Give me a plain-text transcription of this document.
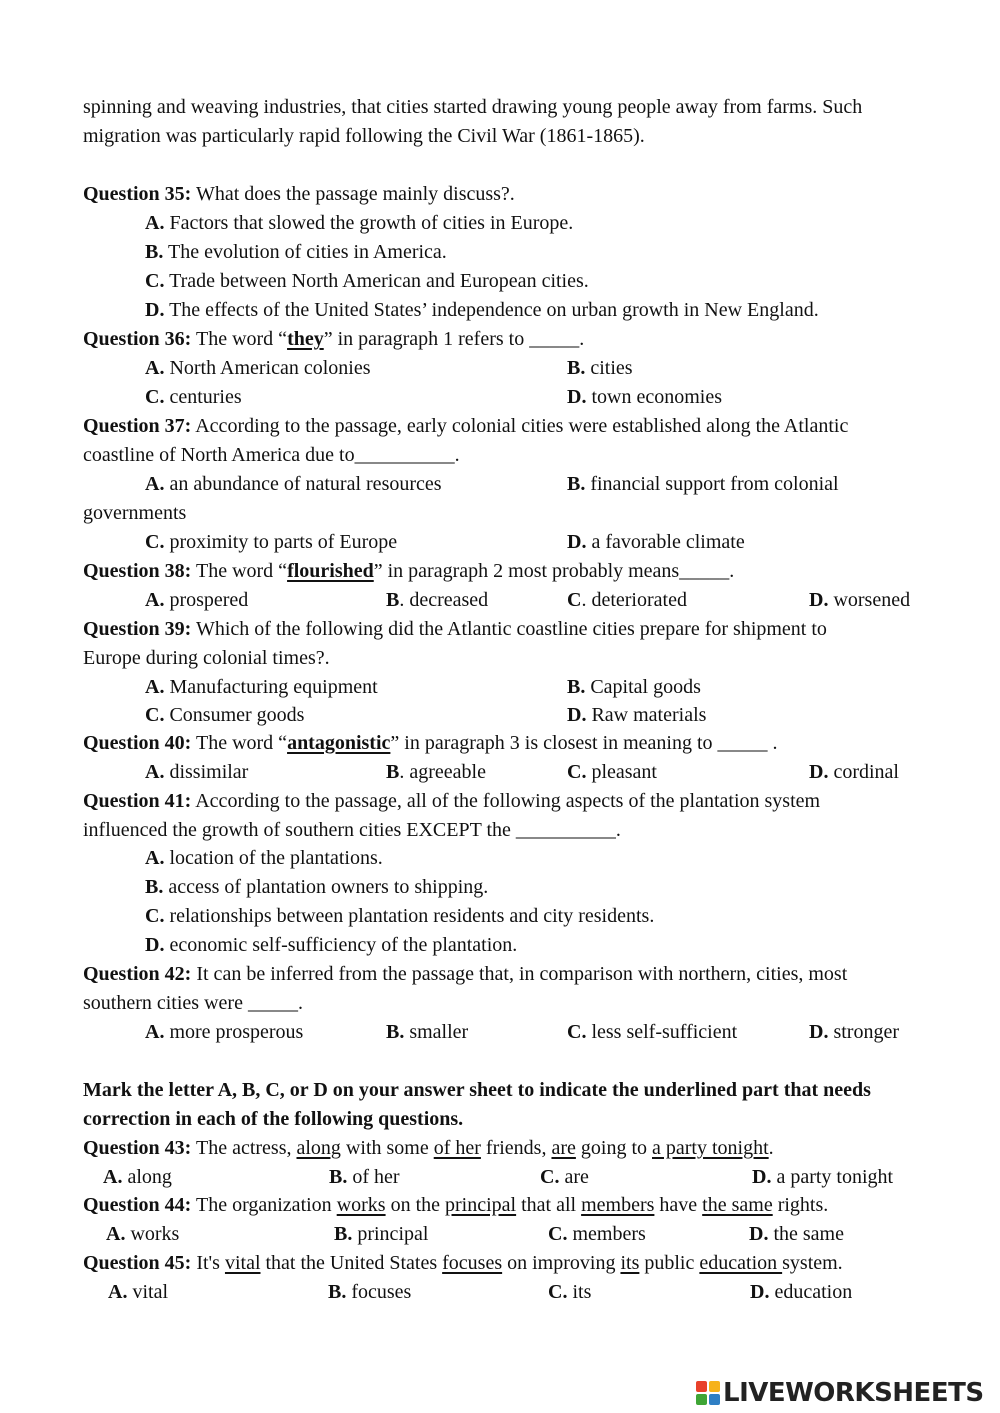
spinning and weaving industries, that cities started drawing young people away from farms. Such
migration was particularly rapid following the Civil War (1861-1865).
Question 35: What does the passage mainly discuss?.
A. Factors that slowed the growth of cities in Europe.
B. The evolution of cities in America.
C. Trade between North American and European cities.
D. The effects of the United States’ independence on urban growth in New England.
Question 36: The word “they” in paragraph 1 refers to _____.
A. North American colonies	B. cities
C. centuries	D. town economies
Question 37: According to the passage, early colonial cities were established along the Atlantic
coastline of North America due to__________.
A. an abundance of natural resources	B. financial support from colonial
governments
C. proximity to parts of Europe	D. a favorable climate
Question 38: The word “flourished” in paragraph 2 most probably means_____.
A. prospered	B. decreased	C. deteriorated	D. worsened
Question 39: Which of the following did the Atlantic coastline cities prepare for shipment to
Europe during colonial times?.
A. Manufacturing equipment	B. Capital goods
C. Consumer goods	D. Raw materials
Question 40: The word “antagonistic” in paragraph 3 is closest in meaning to _____ .
A. dissimilar	B. agreeable	C. pleasant	D. cordinal
Question 41: According to the passage, all of the following aspects of the plantation system
influenced the growth of southern cities EXCEPT the __________.
A. location of the plantations.
B. access of plantation owners to shipping.
C. relationships between plantation residents and city residents.
D. economic self-sufficiency of the plantation.
Question 42: It can be inferred from the passage that, in comparison with northern, cities, most
southern cities were _____.
A. more prosperous	B. smaller	C. less self-sufficient	D. stronger
Mark the letter A, B, C, or D on your answer sheet to indicate the underlined part that needs
correction in each of the following questions.
Question 43: The actress, along with some of her friends, are going to a party tonight.
A. along	B. of her	C. are	D. a party tonight
Question 44: The organization works on the principal that all members have the same rights.
A. works	B. principal	C. members	D. the same
Question 45: It's vital that the United States focuses on improving its public education system.
A. vital	B. focuses	C. its	D. education
LIVEWORKSHEETS
